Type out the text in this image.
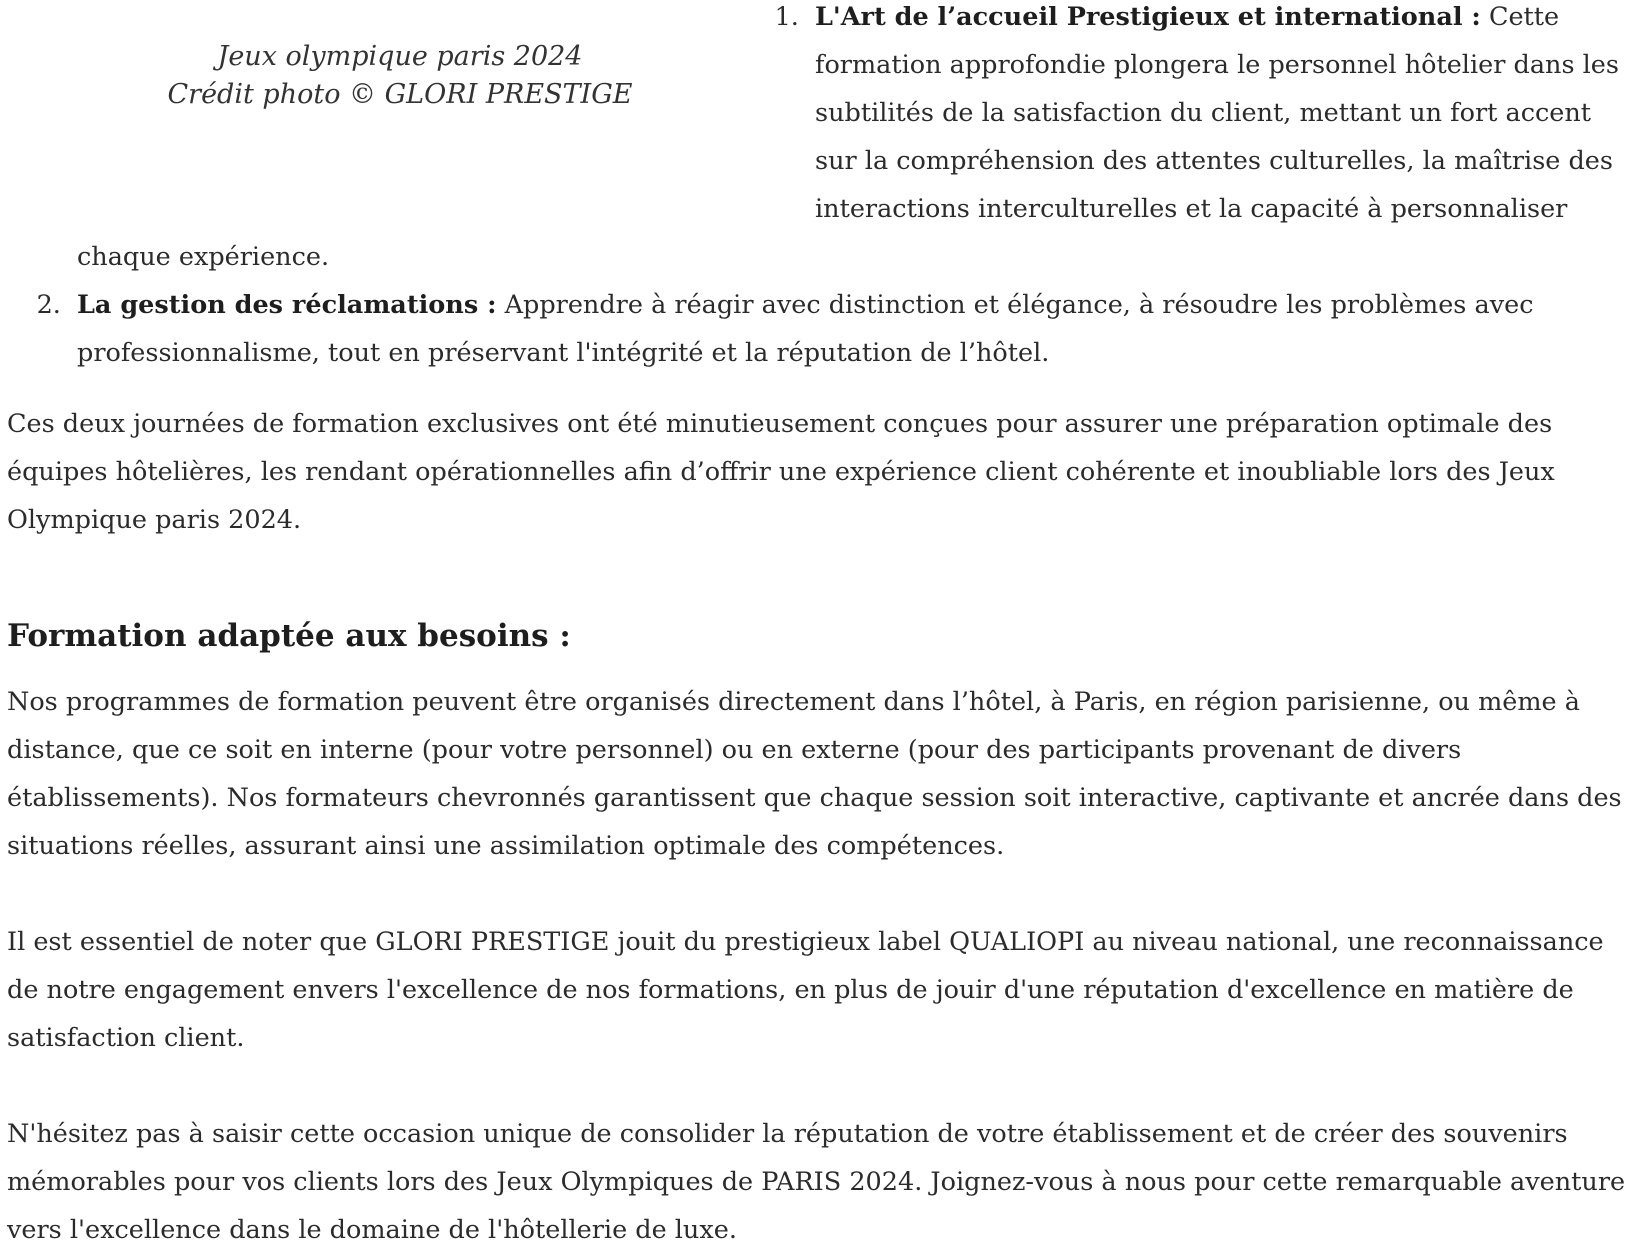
Jeux olympique paris 2024
Crédit photo © GLORI PRESTIGE
1. L'Art de l’accueil Prestigieux et international : Cette formation approfondie plongera le personnel hôtelier dans les subtilités de la satisfaction du client, mettant un fort accent sur la compréhension des attentes culturelles, la maîtrise des interactions interculturelles et la capacité à personnaliser chaque expérience.
2. La gestion des réclamations : Apprendre à réagir avec distinction et élégance, à résoudre les problèmes avec professionnalisme, tout en préservant l'intégrité et la réputation de l’hôtel.

Ces deux journées de formation exclusives ont été minutieusement conçues pour assurer une préparation optimale des équipes hôtelières, les rendant opérationnelles afin d’offrir une expérience client cohérente et inoubliable lors des Jeux Olympique paris 2024.

Formation adaptée aux besoins :

Nos programmes de formation peuvent être organisés directement dans l’hôtel, à Paris, en région parisienne, ou même à distance, que ce soit en interne (pour votre personnel) ou en externe (pour des participants provenant de divers établissements). Nos formateurs chevronnés garantissent que chaque session soit interactive, captivante et ancrée dans des situations réelles, assurant ainsi une assimilation optimale des compétences.

Il est essentiel de noter que GLORI PRESTIGE jouit du prestigieux label QUALIOPI au niveau national, une reconnaissance de notre engagement envers l'excellence de nos formations, en plus de jouir d'une réputation d'excellence en matière de satisfaction client.

N'hésitez pas à saisir cette occasion unique de consolider la réputation de votre établissement et de créer des souvenirs mémorables pour vos clients lors des Jeux Olympiques de PARIS 2024. Joignez-vous à nous pour cette remarquable aventure vers l'excellence dans le domaine de l'hôtellerie de luxe.
